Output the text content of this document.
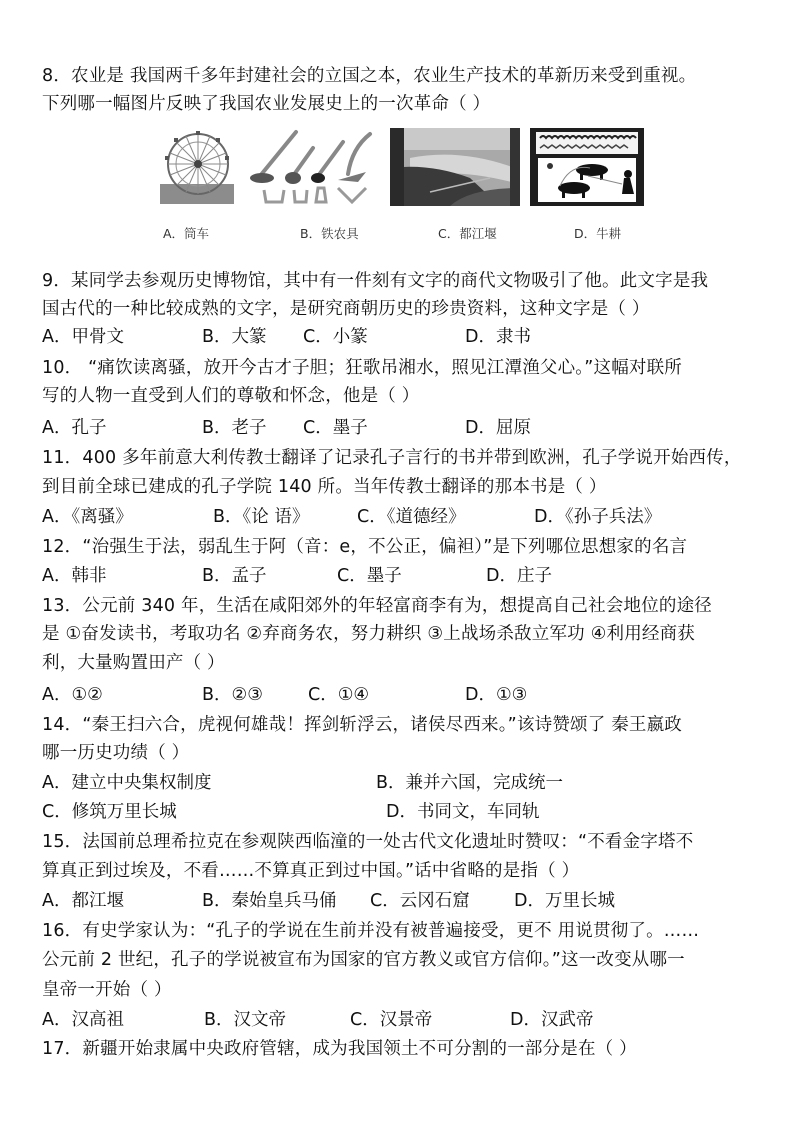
8．农业是 我国两千多年封建社会的立国之本，农业生产技术的革新历来受到重视。
下列哪一幅图片反映了我国农业发展史上的一次革命（ ）
A．筒车	B．铁农具	C．都江堰	D．牛耕
9．某同学去参观历史博物馆，其中有一件刻有文字的商代文物吸引了他。此文字是我
国古代的一种比较成熟的文字，是研究商朝历史的珍贵资料，这种文字是（ ）
A．甲骨文	B．大篆 C．小篆	D．隶书
10． “痛饮读离骚，放开今古才子胆；狂歌吊湘水，照见江潭渔父心。”这幅对联所
写的人物一直受到人们的尊敬和怀念，他是（ ）
A．孔子	B．老子 C．墨子	D．屈原
11．400 多年前意大利传教士翻译了记录孔子言行的书并带到欧洲，孔子学说开始西传，
到目前全球已建成的孔子学院 140 所。当年传教士翻译的那本书是（ ）
A．《离骚》	B．《论 语》	C．《道德经》	D．《孙子兵法》
12．“治强生于法，弱乱生于阿（音：e，不公正，偏袒）”是下列哪位思想家的名言
A．韩非	B．孟子	C．墨子	D．庄子
13．公元前 340 年，生活在咸阳郊外的年轻富商李有为，想提高自己社会地位的途径
是 ①奋发读书，考取功名 ②弃商务农，努力耕织 ③上战场杀敌立军功 ④利用经商获
利，大量购置田产（ ）
A．①②	B．②③	C．①④	D．①③
14．“秦王扫六合，虎视何雄哉！挥剑斩浮云，诸侯尽西来。”该诗赞颂了 秦王嬴政
哪一历史功绩（ ）
A．建立中央集权制度	B．兼并六国，完成统一
C．修筑万里长城	D．书同文，车同轨
15．法国前总理希拉克在参观陕西临潼的一处古代文化遗址时赞叹：“不看金字塔不
算真正到过埃及，不看……不算真正到过中国。”话中省略的是指（ ）
A．都江堰	B．秦始皇兵马俑 C．云冈石窟	D．万里长城
16．有史学家认为：“孔子的学说在生前并没有被普遍接受，更不 用说贯彻了。……
公元前 2 世纪，孔子的学说被宣布为国家的官方教义或官方信仰。”这一改变从哪一
皇帝一开始（ ）
A．汉高祖	B．汉文帝	C．汉景帝	D．汉武帝
17．新疆开始隶属中央政府管辖，成为我国领土不可分割的一部分是在（ ）
